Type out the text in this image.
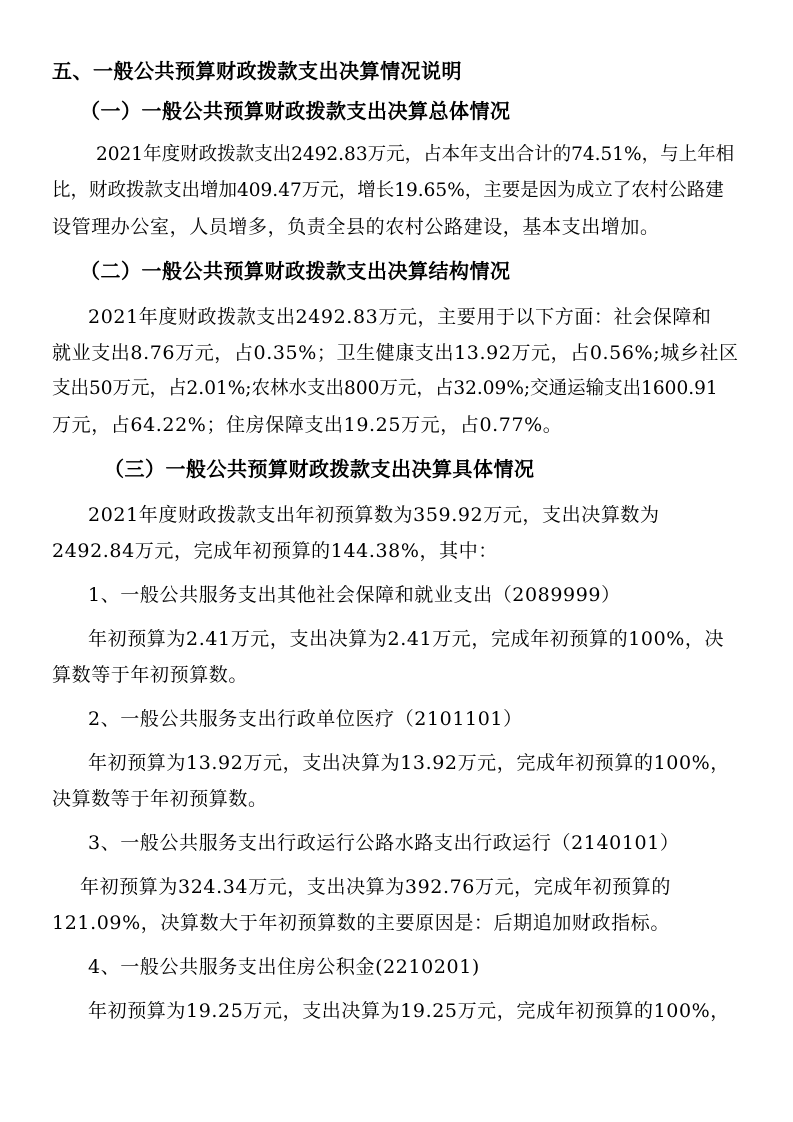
五、一般公共预算财政拨款支出决算情况说明
（一）一般公共预算财政拨款支出决算总体情况
2021年度财政拨款支出2492.83万元，占本年支出合计的74.51%，与上年相
比，财政拨款支出增加409.47万元，增长19.65%，主要是因为成立了农村公路建
设管理办公室，人员增多，负责全县的农村公路建设，基本支出增加。
（二）一般公共预算财政拨款支出决算结构情况
2021年度财政拨款支出2492.83万元，主要用于以下方面：社会保障和
就业支出8.76万元，占0.35%；卫生健康支出13.92万元，占0.56%;城乡社区
支出50万元，占2.01%;农林水支出800万元，占32.09%;交通运输支出1600.91
万元，占64.22%；住房保障支出19.25万元，占0.77%。
（三）一般公共预算财政拨款支出决算具体情况
2021年度财政拨款支出年初预算数为359.92万元，支出决算数为
2492.84万元，完成年初预算的144.38%，其中：
1、一般公共服务支出其他社会保障和就业支出（2089999）
年初预算为2.41万元，支出决算为2.41万元，完成年初预算的100%，决
算数等于年初预算数。
2、一般公共服务支出行政单位医疗（2101101）
年初预算为13.92万元，支出决算为13.92万元，完成年初预算的100%，
决算数等于年初预算数。
3、一般公共服务支出行政运行公路水路支出行政运行（2140101）
年初预算为324.34万元，支出决算为392.76万元，完成年初预算的
121.09%，决算数大于年初预算数的主要原因是：后期追加财政指标。
4、一般公共服务支出住房公积金(2210201)
年初预算为19.25万元，支出决算为19.25万元，完成年初预算的100%，
